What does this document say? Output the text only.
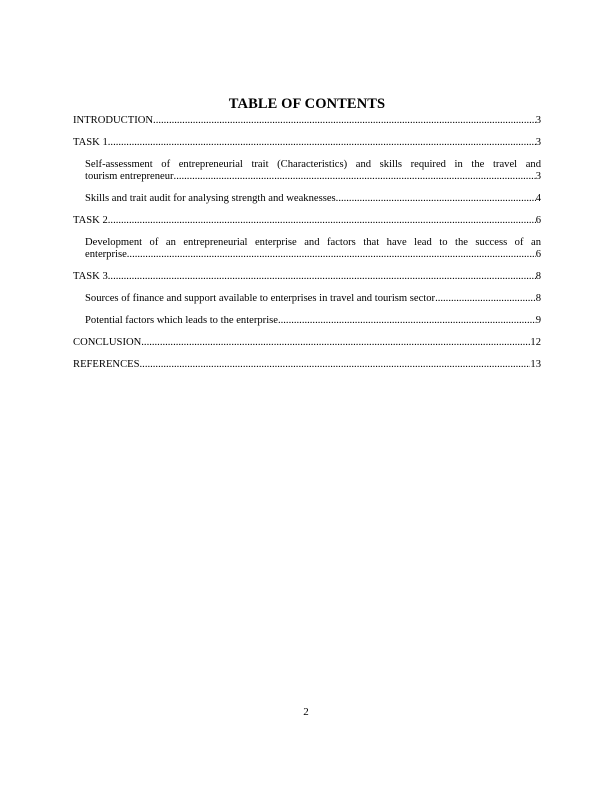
TABLE OF CONTENTS
INTRODUCTION .....	3
TASK 1 .....	3
Self-assessment of entrepreneurial trait (Characteristics) and skills required in the travel and
tourism entrepreneur .....	3
Skills and trait audit for analysing strength and weaknesses .....	4
TASK 2 .....	6
Development of an entrepreneurial enterprise and factors that have lead to the success of an
enterprise .....	6
TASK 3 .....	8
Sources of finance and support available to enterprises in travel and tourism sector .....	8
Potential factors which leads to the enterprise .....	9
CONCLUSION .....	12
REFERENCES .....	13
2
